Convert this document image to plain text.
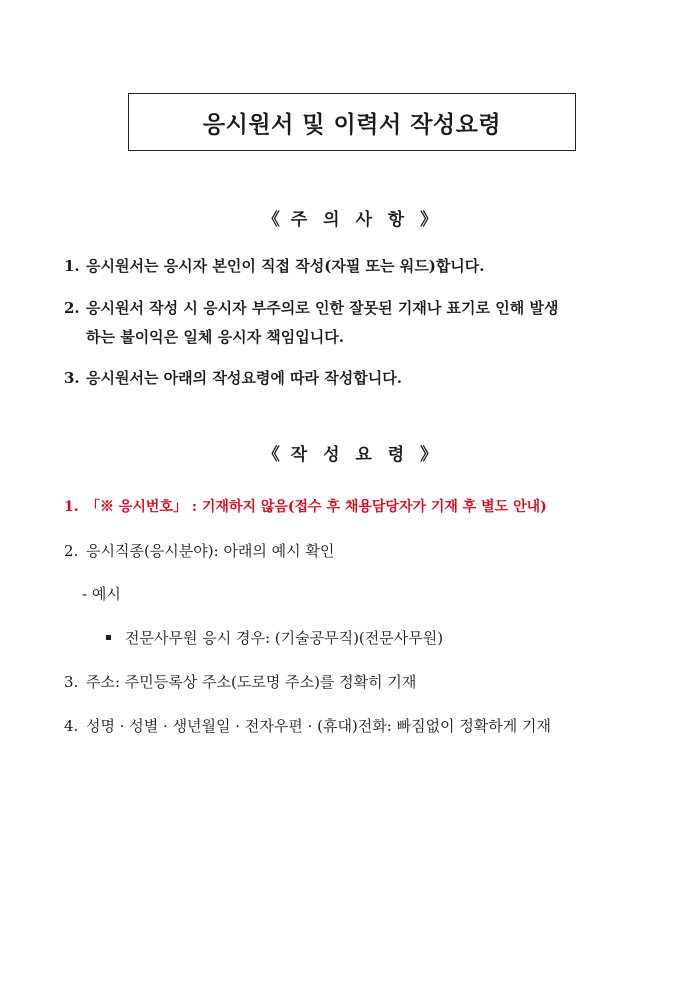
응시원서 및 이력서 작성요령
《 주 의 사 항 》
1. 응시원서는 응시자 본인이 직접 작성(자필 또는 워드)합니다.
2. 응시원서 작성 시 응시자 부주의로 인한 잘못된 기재나 표기로 인해 발생
하는 불이익은 일체 응시자 책임입니다.
3. 응시원서는 아래의 작성요령에 따라 작성합니다.
《 작 성 요 령 》
1. 「※ 응시번호」 : 기재하지 않음(접수 후 채용담당자가 기재 후 별도 안내)
2. 응시직종(응시분야): 아래의 예시 확인
- 예시
전문사무원 응시 경우: (기술공무직)(전문사무원)
3. 주소: 주민등록상 주소(도로명 주소)를 정확히 기재
4. 성명 · 성별 · 생년월일 · 전자우편 · (휴대)전화: 빠짐없이 정확하게 기재
